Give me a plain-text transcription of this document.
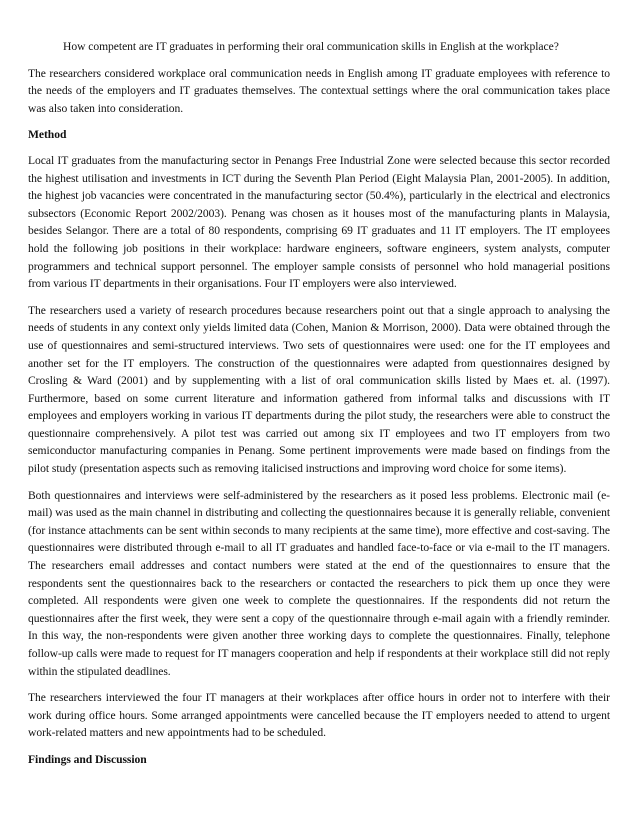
How competent are IT graduates in performing their oral communication skills in English at the workplace?

The researchers considered workplace oral communication needs in English among IT graduate employees with reference to the needs of the employers and IT graduates themselves. The contextual settings where the oral communication takes place was also taken into consideration.

Method

Local IT graduates from the manufacturing sector in Penangs Free Industrial Zone were selected because this sector recorded the highest utilisation and investments in ICT during the Seventh Plan Period (Eight Malaysia Plan, 2001-2005). In addition, the highest job vacancies were concentrated in the manufacturing sector (50.4%), particularly in the electrical and electronics subsectors (Economic Report 2002/2003). Penang was chosen as it houses most of the manufacturing plants in Malaysia, besides Selangor. There are a total of 80 respondents, comprising 69 IT graduates and 11 IT employers. The IT employees hold the following job positions in their workplace: hardware engineers, software engineers, system analysts, computer programmers and technical support personnel. The employer sample consists of personnel who hold managerial positions from various IT departments in their organisations. Four IT employers were also interviewed.

The researchers used a variety of research procedures because researchers point out that a single approach to analysing the needs of students in any context only yields limited data (Cohen, Manion & Morrison, 2000). Data were obtained through the use of questionnaires and semi-structured interviews. Two sets of questionnaires were used: one for the IT employees and another set for the IT employers. The construction of the questionnaires were adapted from questionnaires designed by Crosling & Ward (2001) and by supplementing with a list of oral communication skills listed by Maes et. al. (1997). Furthermore, based on some current literature and information gathered from informal talks and discussions with IT employees and employers working in various IT departments during the pilot study, the researchers were able to construct the questionnaire comprehensively. A pilot test was carried out among six IT employees and two IT employers from two semiconductor manufacturing companies in Penang. Some pertinent improvements were made based on findings from the pilot study (presentation aspects such as removing italicised instructions and improving word choice for some items).

Both questionnaires and interviews were self-administered by the researchers as it posed less problems. Electronic mail (e-mail) was used as the main channel in distributing and collecting the questionnaires because it is generally reliable, convenient (for instance attachments can be sent within seconds to many recipients at the same time), more effective and cost-saving. The questionnaires were distributed through e-mail to all IT graduates and handled face-to-face or via e-mail to the IT managers. The researchers email addresses and contact numbers were stated at the end of the questionnaires to ensure that the respondents sent the questionnaires back to the researchers or contacted the researchers to pick them up once they were completed. All respondents were given one week to complete the questionnaires. If the respondents did not return the questionnaires after the first week, they were sent a copy of the questionnaire through e-mail again with a friendly reminder. In this way, the non-respondents were given another three working days to complete the questionnaires. Finally, telephone follow-up calls were made to request for IT managers cooperation and help if respondents at their workplace still did not reply within the stipulated deadlines.

The researchers interviewed the four IT managers at their workplaces after office hours in order not to interfere with their work during office hours. Some arranged appointments were cancelled because the IT employers needed to attend to urgent work-related matters and new appointments had to be scheduled.

Findings and Discussion
